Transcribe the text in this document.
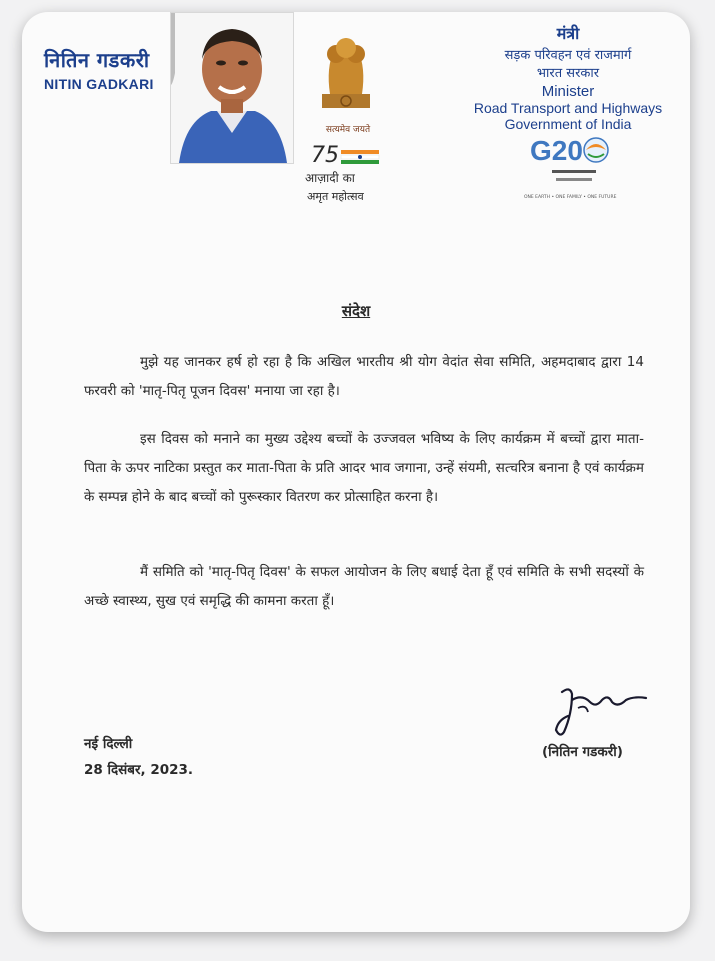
नितिन गडकरी
NITIN GADKARI
सत्यमेव जयते
75
आज़ादी का
अमृत महोत्सव
मंत्री
सड़क परिवहन एवं राजमार्ग
भारत सरकार
Minister
Road Transport and Highways
Government of India
G20
ONE EARTH • ONE FAMILY • ONE FUTURE
संदेश
मुझे यह जानकर हर्ष हो रहा है कि अखिल भारतीय श्री योग वेदांत सेवा समिति, अहमदाबाद द्वारा 14 फरवरी को 'मातृ-पितृ पूजन दिवस' मनाया जा रहा है।
इस दिवस को मनाने का मुख्य उद्देश्य बच्चों के उज्जवल भविष्य के लिए कार्यक्रम में बच्चों द्वारा माता-पिता के ऊपर नाटिका प्रस्तुत कर माता-पिता के प्रति आदर भाव जगाना, उन्हें संयमी, सत्चरित्र बनाना है एवं कार्यक्रम के सम्पन्न होने के बाद बच्चों को पुरूस्कार वितरण कर प्रोत्साहित करना है।
मैं समिति को 'मातृ-पितृ दिवस' के सफल आयोजन के लिए बधाई देता हूँ एवं समिति के सभी सदस्यों के अच्छे स्वास्थ्य, सुख एवं समृद्धि की कामना करता हूँ।
(नितिन गडकरी)
नई दिल्ली
28 दिसंबर, 2023.
